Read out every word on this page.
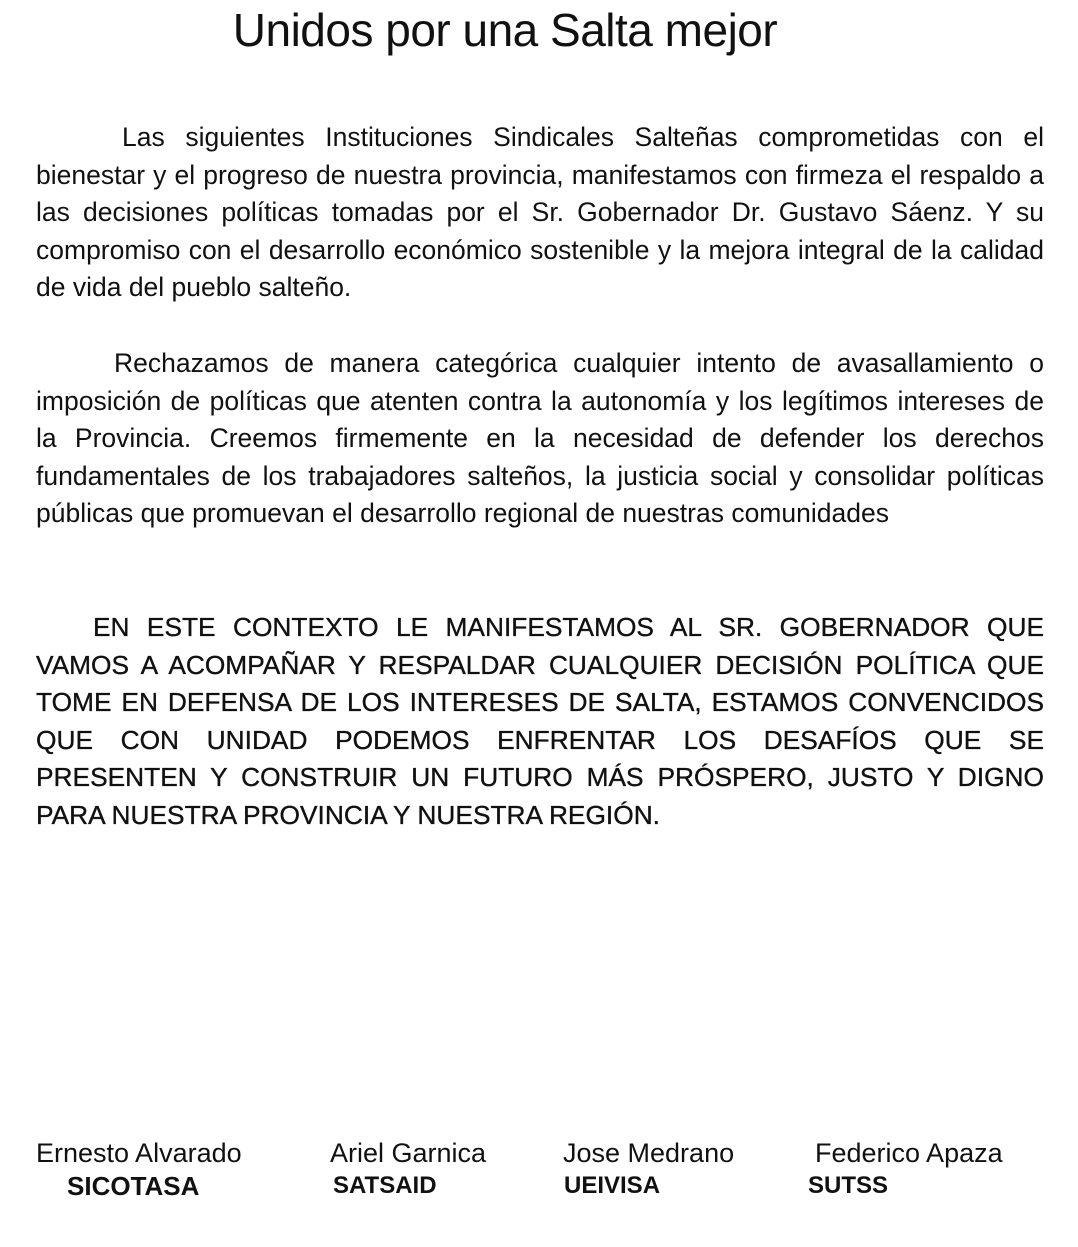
Unidos por una Salta mejor

Las siguientes Instituciones Sindicales Salteñas comprometidas con el bienestar y el progreso de nuestra provincia, manifestamos con firmeza el respaldo a las decisiones políticas tomadas por el Sr. Gobernador Dr. Gustavo Sáenz. Y su compromiso con el desarrollo económico sostenible y la mejora integral de la calidad de vida del pueblo salteño.

Rechazamos de manera categórica cualquier intento de avasallamiento o imposición de políticas que atenten contra la autonomía y los legítimos intereses de la Provincia. Creemos firmemente en la necesidad de defender los derechos fundamentales de los trabajadores salteños, la justicia social y consolidar políticas públicas que promuevan el desarrollo regional de nuestras comunidades

EN ESTE CONTEXTO LE MANIFESTAMOS AL SR. GOBERNADOR QUE VAMOS A ACOMPAÑAR Y RESPALDAR CUALQUIER DECISIÓN POLÍTICA QUE TOME EN DEFENSA DE LOS INTERESES DE SALTA, ESTAMOS CONVENCIDOS QUE CON UNIDAD PODEMOS ENFRENTAR LOS DESAFÍOS QUE SE PRESENTEN Y CONSTRUIR UN FUTURO MÁS PRÓSPERO, JUSTO Y DIGNO PARA NUESTRA PROVINCIA Y NUESTRA REGIÓN.

Ernesto Alvarado
SICOTASA
Ariel Garnica
SATSAID
Jose Medrano
UEIVISA
Federico Apaza
SUTSS
